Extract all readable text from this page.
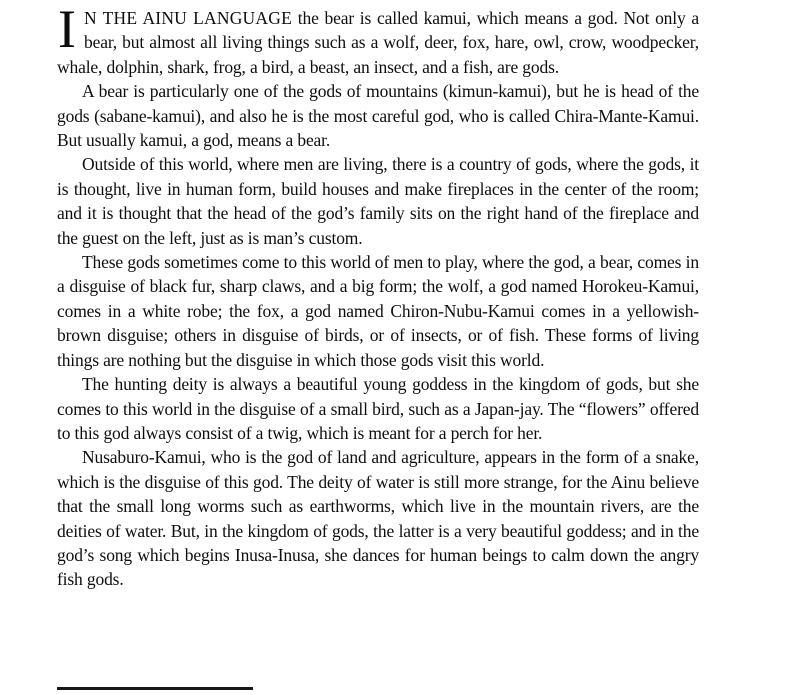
I N THE AINU LANGUAGE the bear is called kamui, which means a god. Not only a bear, but almost all living things such as a wolf, deer, fox, hare, owl, crow, woodpecker, whale, dolphin, shark, frog, a bird, a beast, an insect, and a fish, are gods.

A bear is particularly one of the gods of mountains (kimun-kamui), but he is head of the gods (sabane-kamui), and also he is the most careful god, who is called Chira-Mante-Kamui. But usually kamui, a god, means a bear.

Outside of this world, where men are living, there is a country of gods, where the gods, it is thought, live in human form, build houses and make fireplaces in the center of the room; and it is thought that the head of the god’s family sits on the right hand of the fireplace and the guest on the left, just as is man’s custom.

These gods sometimes come to this world of men to play, where the god, a bear, comes in a disguise of black fur, sharp claws, and a big form; the wolf, a god named Horokeu-Kamui, comes in a white robe; the fox, a god named Chiron-Nubu-Kamui comes in a yellowish-brown disguise; others in disguise of birds, or of insects, or of fish. These forms of living things are nothing but the disguise in which those gods visit this world.

The hunting deity is always a beautiful young goddess in the kingdom of gods, but she comes to this world in the disguise of a small bird, such as a Japan-jay. The “flowers” offered to this god always consist of a twig, which is meant for a perch for her.

Nusaburo-Kamui, who is the god of land and agriculture, appears in the form of a snake, which is the disguise of this god. The deity of water is still more strange, for the Ainu believe that the small long worms such as earthworms, which live in the mountain rivers, are the deities of water. But, in the kingdom of gods, the latter is a very beautiful goddess; and in the god’s song which begins Inusa-Inusa, she dances for human beings to calm down the angry fish gods.
